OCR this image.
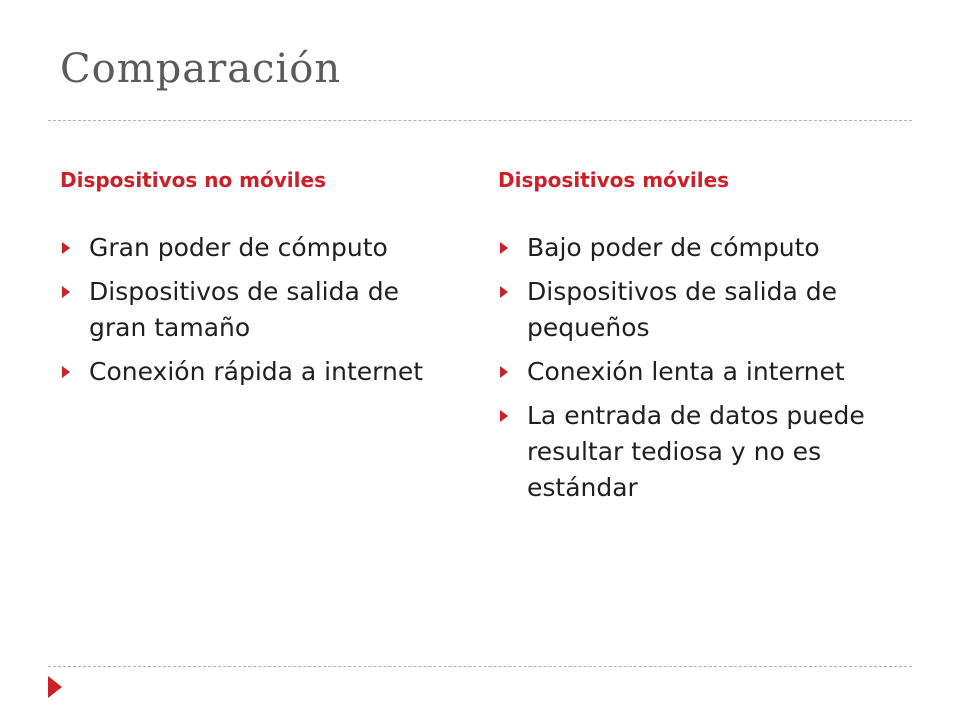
Comparación
Dispositivos no móviles
Gran poder de cómputo
Dispositivos de salida de gran tamaño
Conexión rápida a internet
Dispositivos móviles
Bajo poder de cómputo
Dispositivos de salida de pequeños
Conexión lenta a internet
La entrada de datos puede resultar tediosa y no es estándar
